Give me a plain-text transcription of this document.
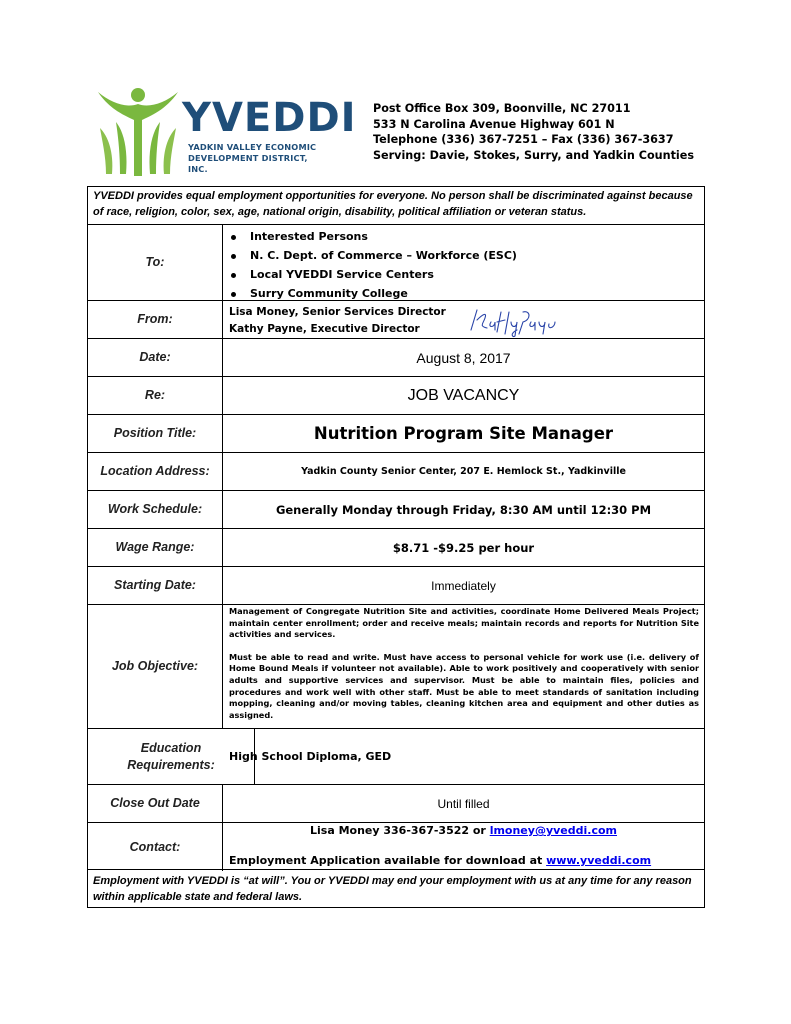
YVEDDI
YADKIN VALLEY ECONOMIC
DEVELOPMENT DISTRICT, INC.
Post Office Box 309, Boonville, NC 27011
533 N Carolina Avenue Highway 601 N
Telephone (336) 367-7251 – Fax (336) 367-3637
Serving: Davie, Stokes, Surry, and Yadkin Counties
YVEDDI provides equal employment opportunities for everyone. No person shall be discriminated against because of race, religion, color, sex, age, national origin, disability, political affiliation or veteran status.
To:
Interested Persons
N. C. Dept. of Commerce – Workforce (ESC)
Local YVEDDI Service Centers
Surry Community College
From:	Lisa Money, Senior Services Director
Kathy Payne, Executive Director
Date:	August 8, 2017
Re:	JOB VACANCY
Position Title:	Nutrition Program Site Manager
Location Address:	Yadkin County Senior Center, 207 E. Hemlock St., Yadkinville
Work Schedule:	Generally Monday through Friday, 8:30 AM until 12:30 PM
Wage Range:	$8.71 -$9.25 per hour
Starting Date:	Immediately
Job Objective:

Management of Congregate Nutrition Site and activities, coordinate Home Delivered Meals Project; maintain center enrollment; order and receive meals; maintain records and reports for Nutrition Site activities and services.

Must be able to read and write. Must have access to personal vehicle for work use (i.e. delivery of Home Bound Meals if volunteer not available). Able to work positively and cooperatively with senior adults and supportive services and supervisor. Must be able to maintain files, policies and procedures and work well with other staff. Must be able to meet standards of sanitation including mopping, cleaning and/or moving tables, cleaning kitchen area and equipment and other duties as assigned.

Education Requirements:
High School Diploma, GED
Close Out Date	Until filled
Contact:
Lisa Money 336-367-3522 or lmoney@yveddi.com
Employment Application available for download at www.yveddi.com
Employment with YVEDDI is “at will”. You or YVEDDI may end your employment with us at any time for any reason within applicable state and federal laws.
